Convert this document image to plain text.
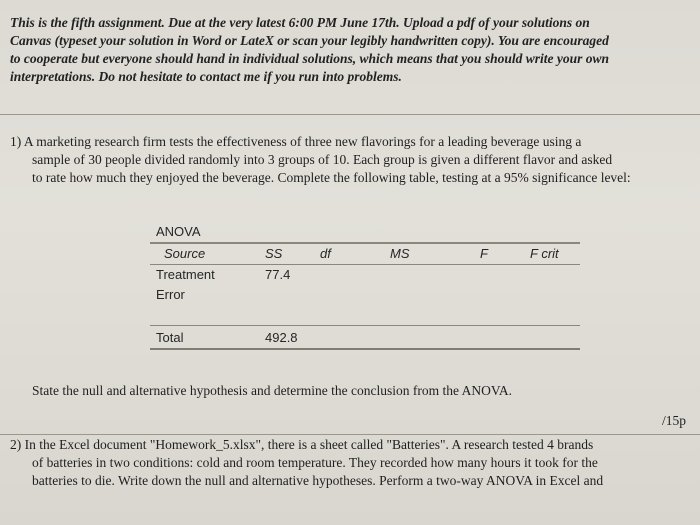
This is the fifth assignment. Due at the very latest 6:00 PM June 17th. Upload a pdf of your solutions on

Canvas (typeset your solution in Word or LateX or scan your legibly handwritten copy). You are encouraged

to cooperate but everyone should hand in individual solutions, which means that you should write your own

interpretations. Do not hesitate to contact me if you run into problems.

1) A marketing research firm tests the effectiveness of three new flavorings for a leading beverage using a

sample of 30 people divided randomly into 3 groups of 10. Each group is given a different flavor and asked

to rate how much they enjoyed the beverage. Complete the following table, testing at a 95% significance level:

ANOVA
Source	SS	df	MS	F	F crit
Treatment	77.4
Error
Total	492.8
State the null and alternative hypothesis and determine the conclusion from the ANOVA.
/15p

2) In the Excel document "Homework_5.xlsx", there is a sheet called "Batteries". A research tested 4 brands

of batteries in two conditions: cold and room temperature. They recorded how many hours it took for the

batteries to die. Write down the null and alternative hypotheses. Perform a two-way ANOVA in Excel and
